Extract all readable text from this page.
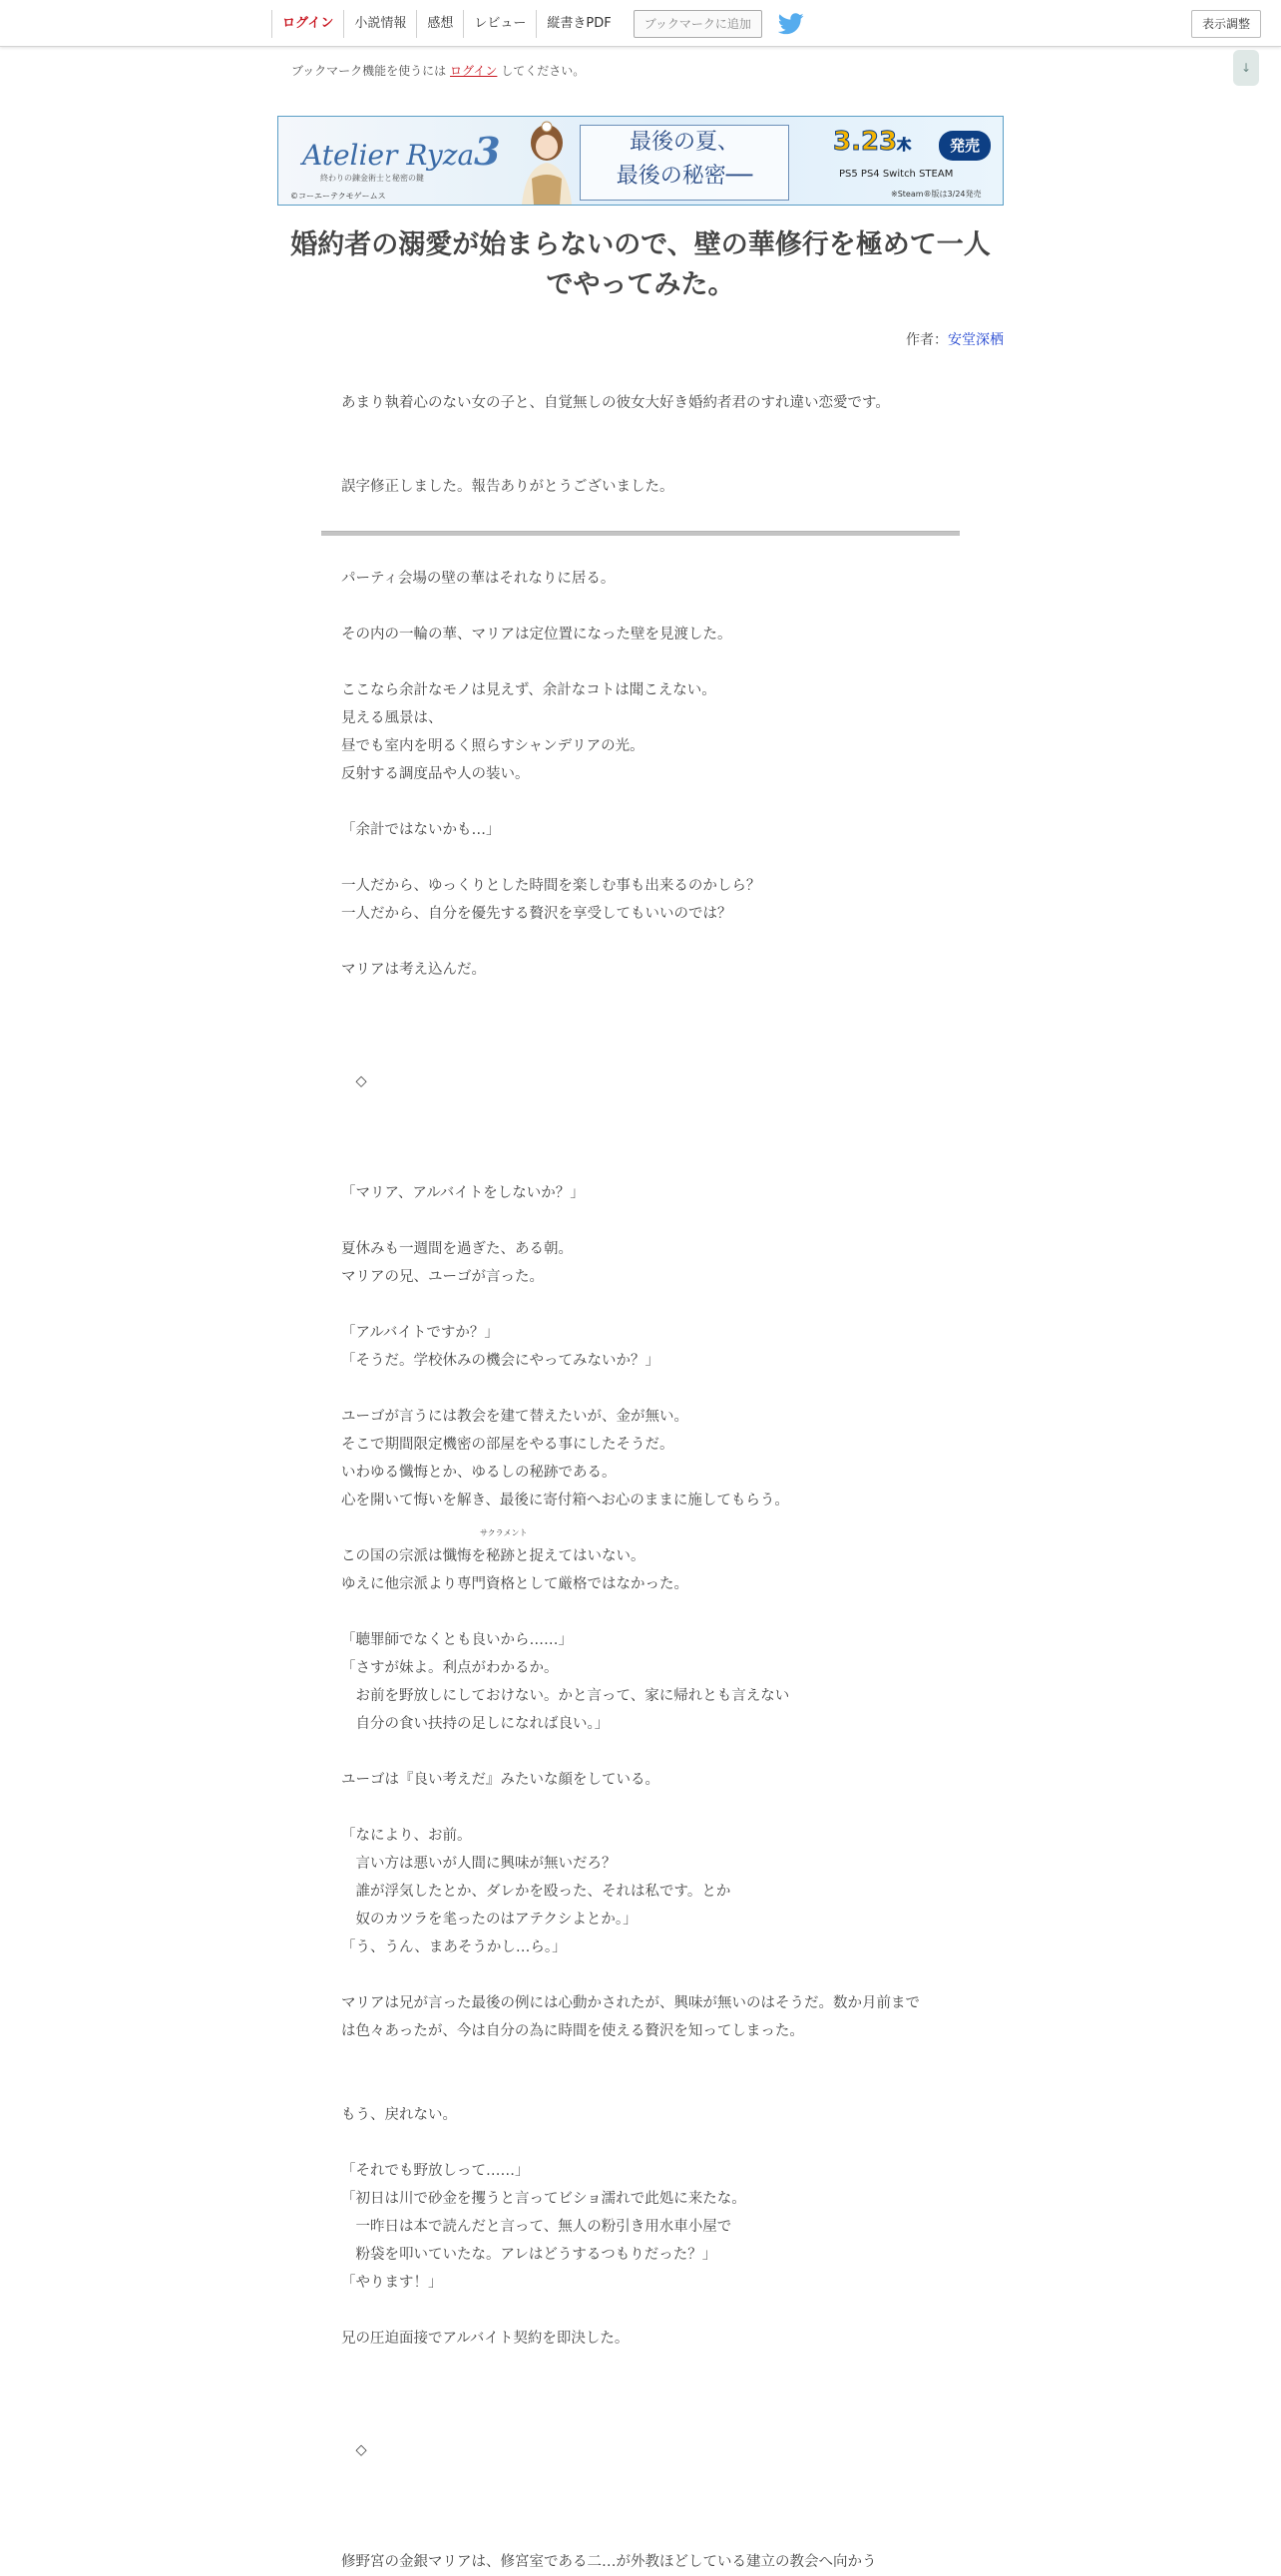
ログイン	小説情報	感想	レビュー	縦書きPDF	ブックマークに追加	表示調整
ブックマーク機能を使うには ログイン してください。	↓
Atelier Ryza3
終わりの錬金術士と秘密の鍵
©コーエーテクモゲームス
最後の夏、
最後の秘密──
3.23木	発売
PS5 PS4 Switch STEAM
※Steam®版は3/24発売
婚約者の溺愛が始まらないので、壁の華修行を極めて一人でやってみた。
作者：安堂深栖
あまり執着心のない女の子と、自覚無しの彼女大好き婚約者君のすれ違い恋愛です。
誤字修正しました。報告ありがとうございました。
パーティ会場の壁の華はそれなりに居る。
その内の一輪の華、マリアは定位置になった壁を見渡した。
ここなら余計なモノは見えず、余計なコトは聞こえない。
見える風景は、
昼でも室内を明るく照らすシャンデリアの光。
反射する調度品や人の装い。
「余計ではないかも…」
一人だから、ゆっくりとした時間を楽しむ事も出来るのかしら？
一人だから、自分を優先する贅沢を享受してもいいのでは？
マリアは考え込んだ。
　◇
「マリア、アルバイトをしないか？」
夏休みも一週間を過ぎた、ある朝。
マリアの兄、ユーゴが言った。
「アルバイトですか？」
「そうだ。学校休みの機会にやってみないか？」
ユーゴが言うには教会を建て替えたいが、金が無い。
そこで期間限定機密の部屋をやる事にしたそうだ。
いわゆる懺悔とか、ゆるしの秘跡である。
心を開いて悔いを解き、最後に寄付箱へお心のままに施してもらう。
この国の宗派は懺悔を
サクラメント
秘跡と捉えてはいない。
ゆえに他宗派より専門資格として厳格ではなかった。
「聴罪師でなくとも良いから……」
「さすが妹よ。利点がわかるか。
　お前を野放しにしておけない。かと言って、家に帰れとも言えない
　自分の食い扶持の足しになれば良い。」
ユーゴは『良い考えだ』みたいな顔をしている。
「なにより、お前。
　言い方は悪いが人間に興味が無いだろ？
　誰が浮気したとか、ダレかを殴った、それは私です。とか
　奴のカツラを毟ったのはアテクシよとか。」
「う、うん、まあそうかし…ら。」
マリアは兄が言った最後の例には心動かされたが、興味が無いのはそうだ。数か月前までは色々あったが、今は自分の為に時間を使える贅沢を知ってしまった。
もう、戻れない。
「それでも野放しって……」
「初日は川で砂金を攫うと言ってビショ濡れで此処に来たな。
　一昨日は本で読んだと言って、無人の粉引き用水車小屋で
　粉袋を叩いていたな。アレはどうするつもりだった？」
「やります！」
兄の圧迫面接でアルバイト契約を即決した。
　◇
修野宮の金銀マリアは、修宮室である二…が外教ほどしている建立の教会へ向かう
